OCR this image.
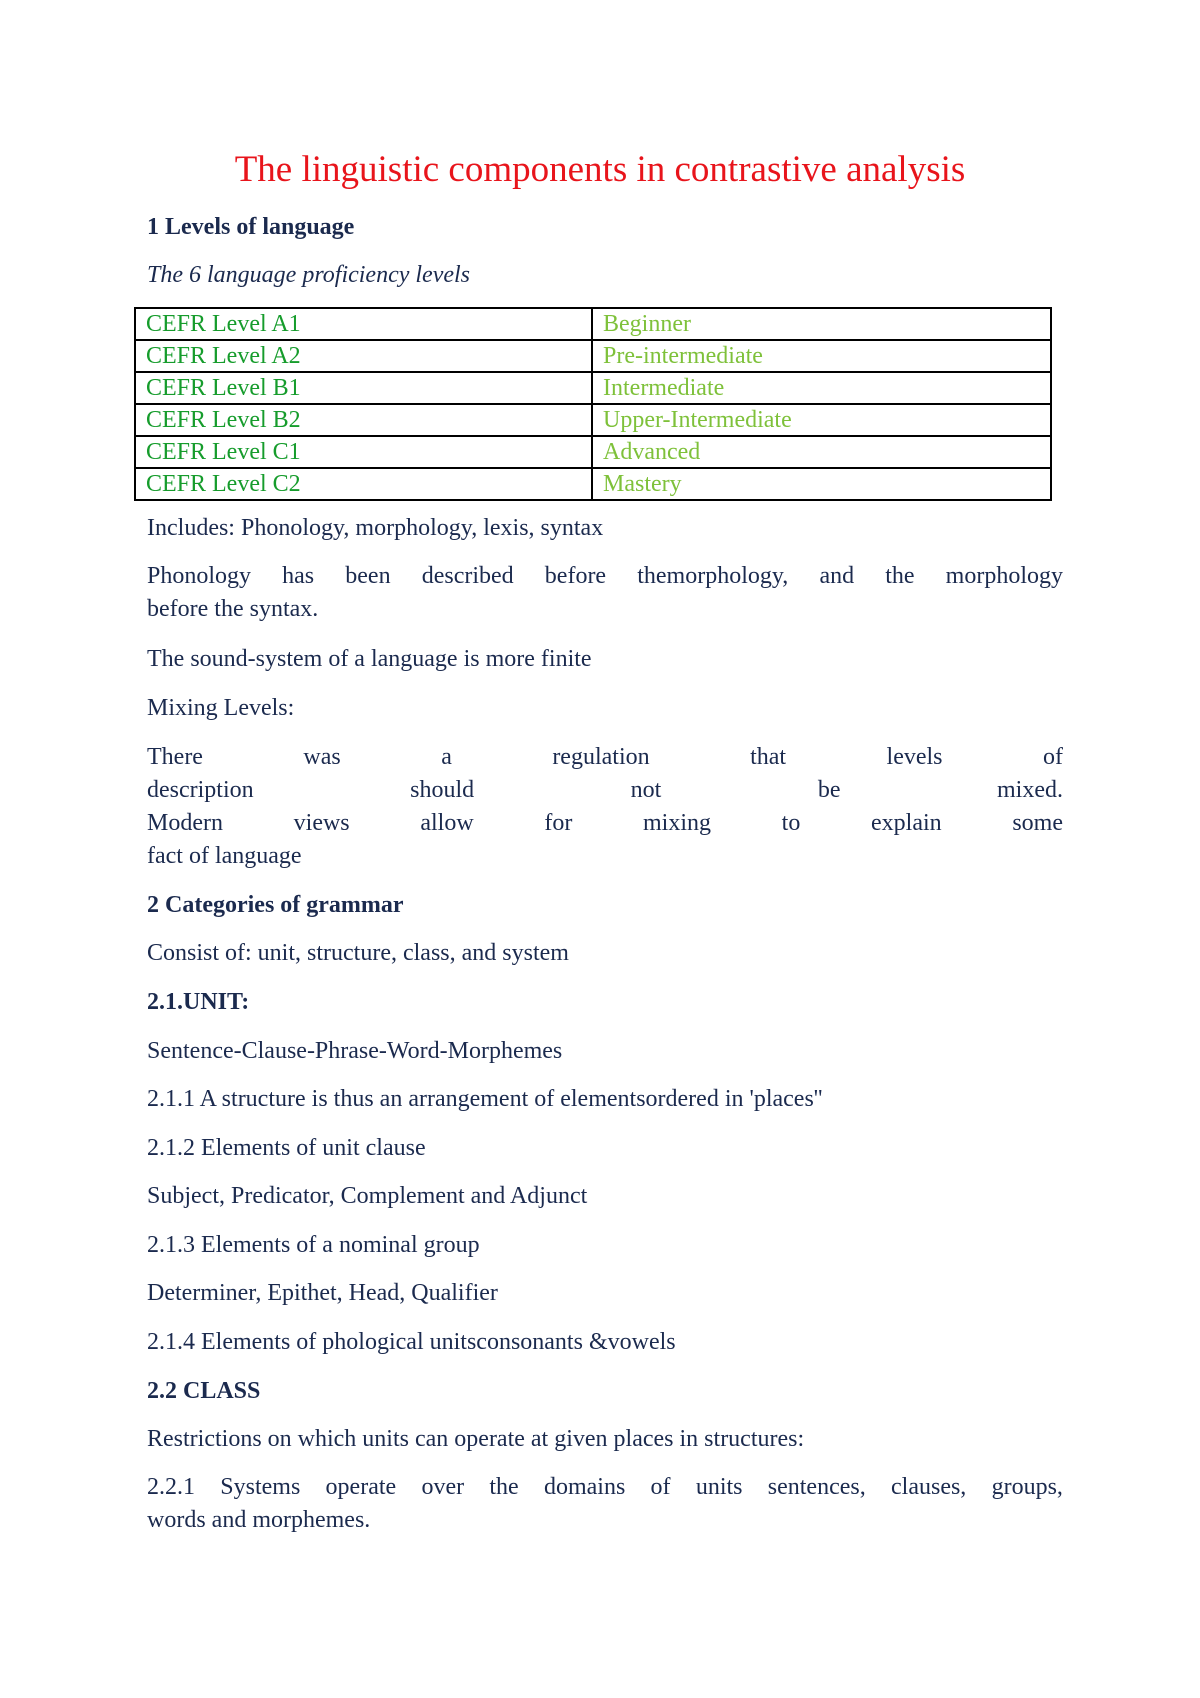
The linguistic components in contrastive analysis

1 Levels of language

The 6 language proficiency levels

CEFR Level A1	Beginner
CEFR Level A2	Pre-intermediate
CEFR Level B1	Intermediate
CEFR Level B2	Upper-Intermediate
CEFR Level C1	Advanced
CEFR Level C2	Mastery

Includes: Phonology, morphology, lexis, syntax

Phonology has been described before themorphology, and the morphology
before the syntax.

The sound-system of a language is more finite

Mixing Levels:

There	was	a	regulation	that	levels	of
description	should	not	be	mixed.
Modern	views	allow	for	mixing	to	explain	some
fact of language

2 Categories of grammar

Consist of: unit, structure, class, and system

2.1.UNIT:

Sentence-Clause-Phrase-Word-Morphemes

2.1.1 A structure is thus an arrangement of elementsordered in 'places''

2.1.2 Elements of unit clause

Subject, Predicator, Complement and Adjunct

2.1.3 Elements of a nominal group

Determiner, Epithet, Head, Qualifier

2.1.4 Elements of phological unitsconsonants &vowels

2.2 CLASS

Restrictions on which units can operate at given places in structures:

2.2.1 Systems operate over the domains of units sentences, clauses, groups,
words and morphemes.
